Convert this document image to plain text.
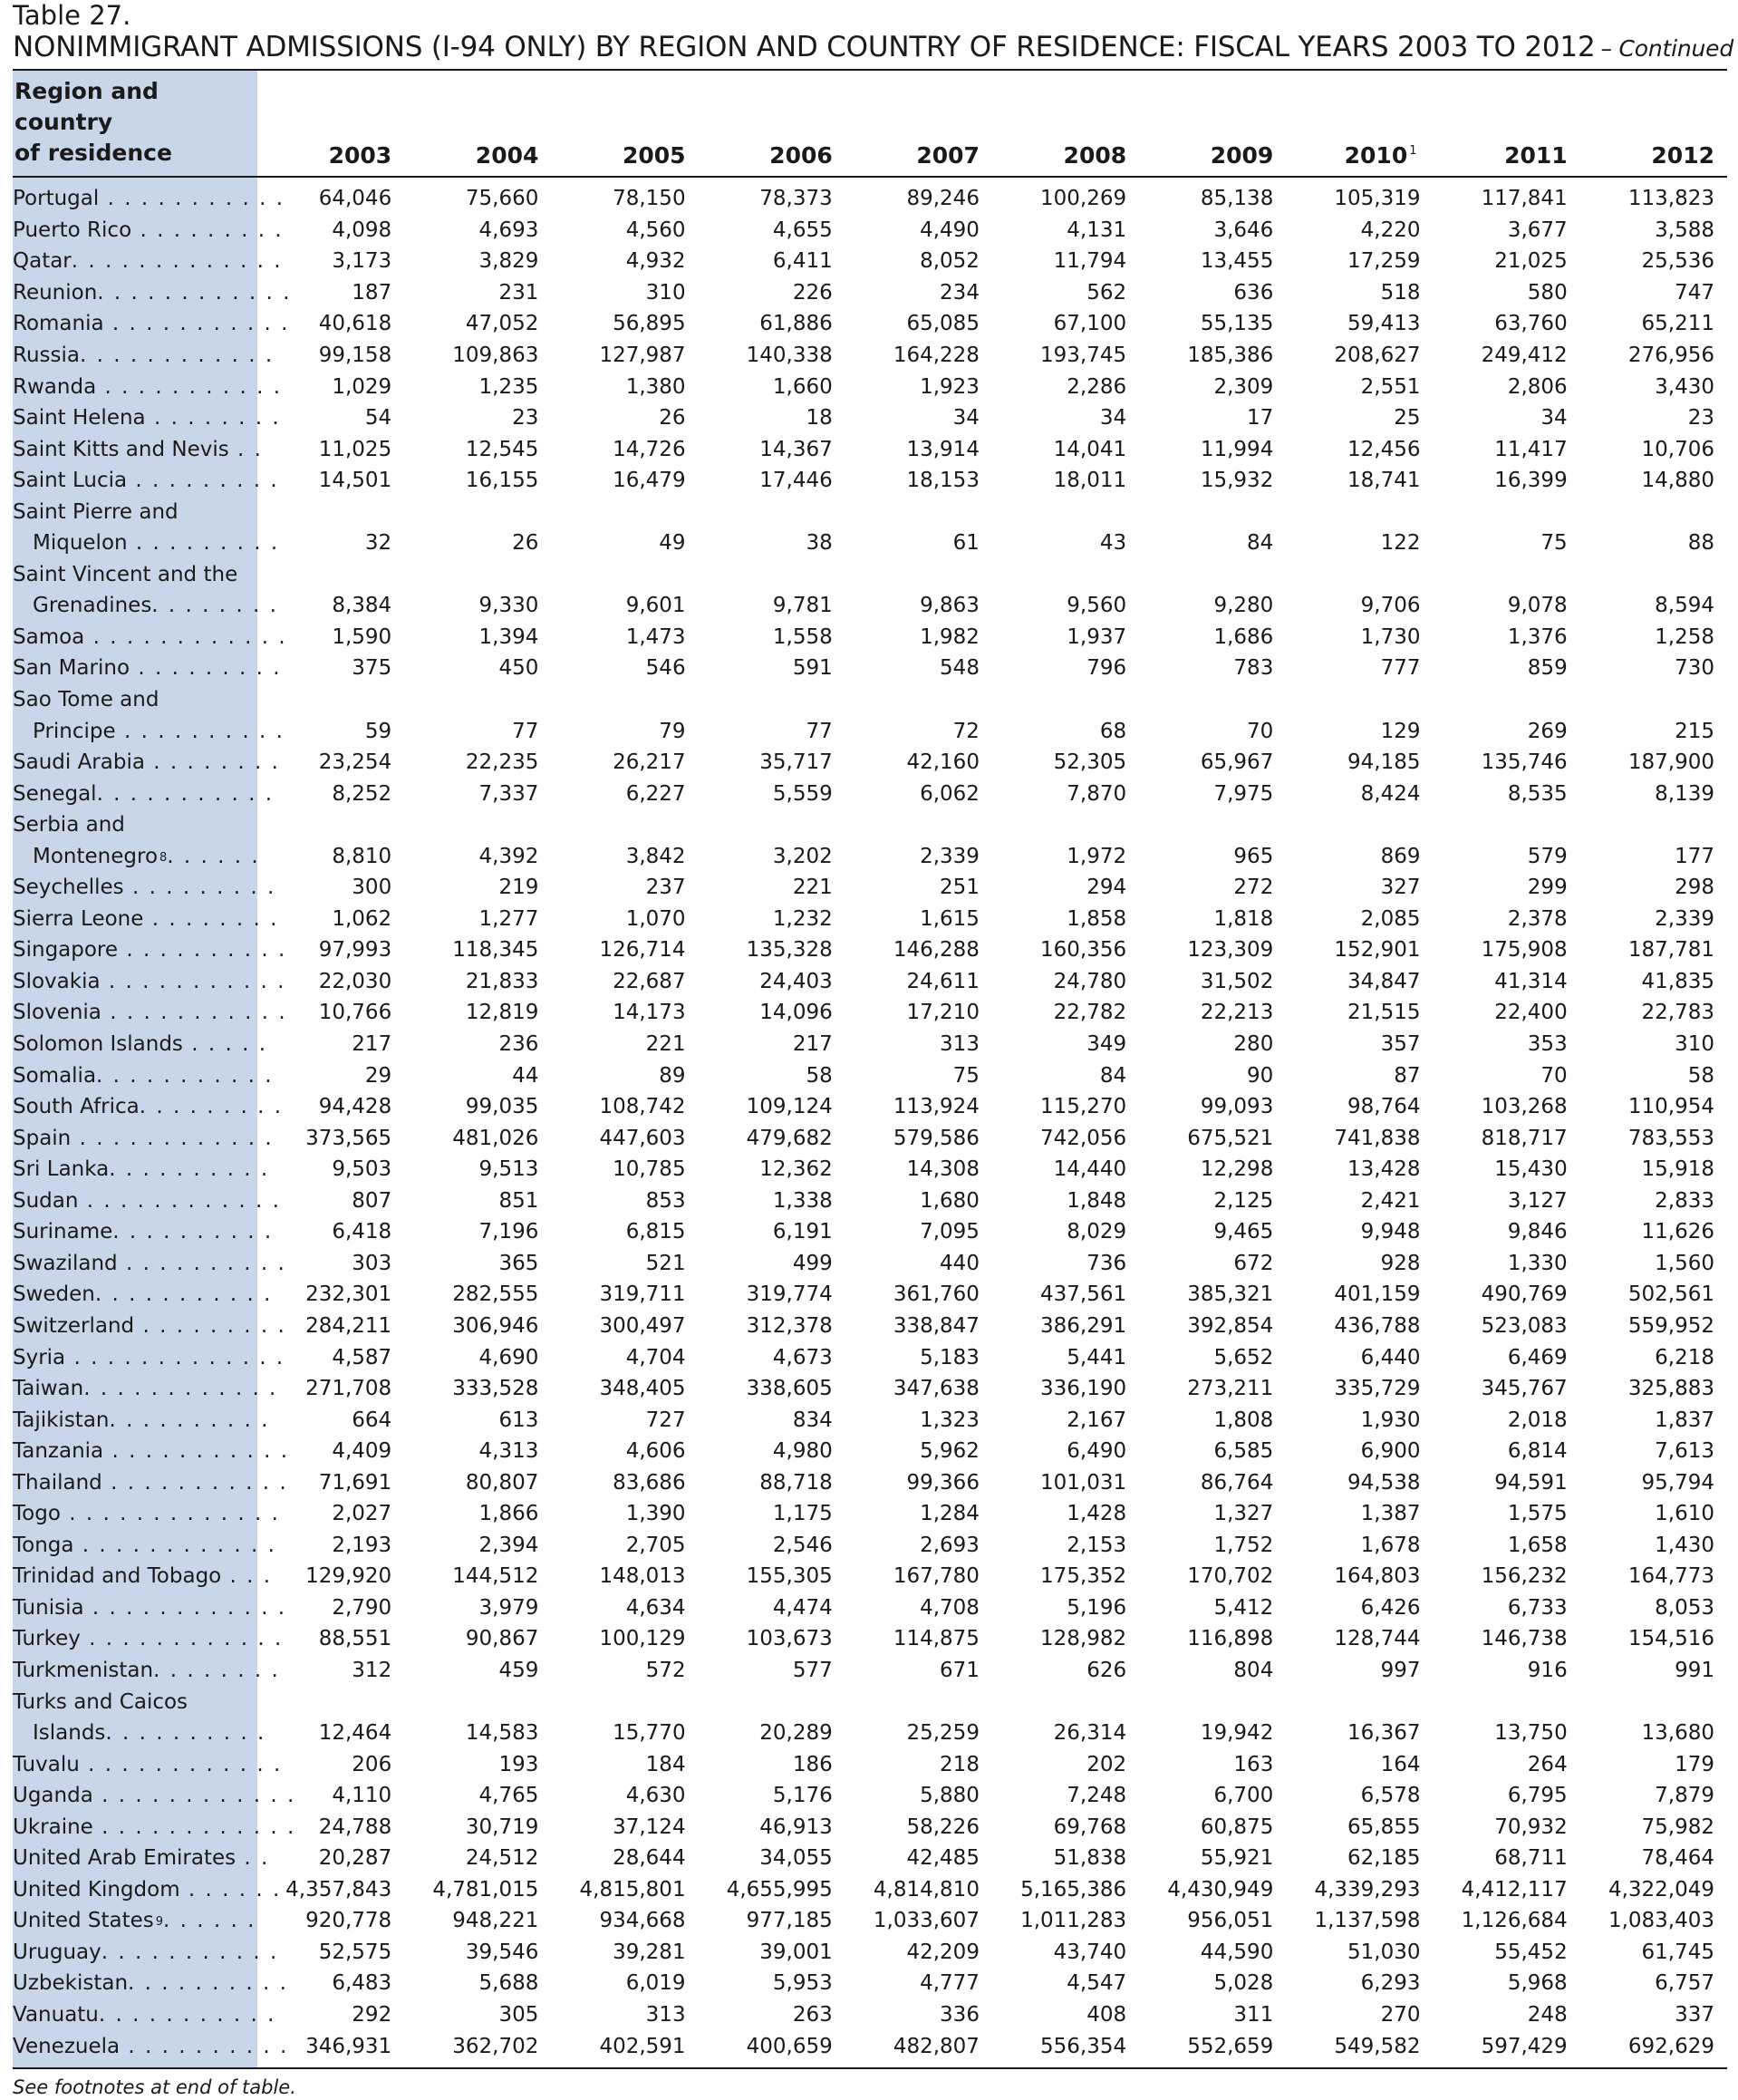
Table 27.
NONIMMIGRANT ADMISSIONS (I-94 ONLY) BY REGION AND COUNTRY OF RESIDENCE: FISCAL YEARS 2003 TO 2012 – Continued
Region and country
of residence	2003	2004	2005	2006	2007	2008	2009	2010 $^1$	2011	2012
Portugal . . . . . . . . . . .	64,046	75,660	78,150	78,373	89,246	100,269	85,138	105,319	117,841	113,823
Puerto Rico . . . . . . . . .	4,098	4,693	4,560	4,655	4,490	4,131	3,646	4,220	3,677	3,588
Qatar. . . . . . . . . . . . .	3,173	3,829	4,932	6,411	8,052	11,794	13,455	17,259	21,025	25,536
Reunion. . . . . . . . . . . .	187	231	310	226	234	562	636	518	580	747
Romania . . . . . . . . . . .	40,618	47,052	56,895	61,886	65,085	67,100	55,135	59,413	63,760	65,211
Russia. . . . . . . . . . . .	99,158	109,863	127,987	140,338	164,228	193,745	185,386	208,627	249,412	276,956
Rwanda . . . . . . . . . . .	1,029	1,235	1,380	1,660	1,923	2,286	2,309	2,551	2,806	3,430
Saint Helena . . . . . . . .	54	23	26	18	34	34	17	25	34	23
Saint Kitts and Nevis . .	11,025	12,545	14,726	14,367	13,914	14,041	11,994	12,456	11,417	10,706
Saint Lucia . . . . . . . . .	14,501	16,155	16,479	17,446	18,153	18,011	15,932	18,741	16,399	14,880
Saint Pierre and										
Miquelon . . . . . . . . .	32	26	49	38	61	43	84	122	75	88
Saint Vincent and the										
Grenadines. . . . . . . .	8,384	9,330	9,601	9,781	9,863	9,560	9,280	9,706	9,078	8,594
Samoa . . . . . . . . . . . .	1,590	1,394	1,473	1,558	1,982	1,937	1,686	1,730	1,376	1,258
San Marino . . . . . . . . .	375	450	546	591	548	796	783	777	859	730
Sao Tome and										
Principe . . . . . . . . . .	59	77	79	77	72	68	70	129	269	215
Saudi Arabia . . . . . . . .	23,254	22,235	26,217	35,717	42,160	52,305	65,967	94,185	135,746	187,900
Senegal. . . . . . . . . . .	8,252	7,337	6,227	5,559	6,062	7,870	7,975	8,424	8,535	8,139
Serbia and										
Montenegro $^8$. . . . . .	8,810	4,392	3,842	3,202	2,339	1,972	965	869	579	177
Seychelles . . . . . . . . .	300	219	237	221	251	294	272	327	299	298
Sierra Leone . . . . . . . .	1,062	1,277	1,070	1,232	1,615	1,858	1,818	2,085	2,378	2,339
Singapore . . . . . . . . . .	97,993	118,345	126,714	135,328	146,288	160,356	123,309	152,901	175,908	187,781
Slovakia . . . . . . . . . . .	22,030	21,833	22,687	24,403	24,611	24,780	31,502	34,847	41,314	41,835
Slovenia . . . . . . . . . . .	10,766	12,819	14,173	14,096	17,210	22,782	22,213	21,515	22,400	22,783
Solomon Islands . . . . .	217	236	221	217	313	349	280	357	353	310
Somalia. . . . . . . . . . .	29	44	89	58	75	84	90	87	70	58
South Africa. . . . . . . . .	94,428	99,035	108,742	109,124	113,924	115,270	99,093	98,764	103,268	110,954
Spain . . . . . . . . . . . .	373,565	481,026	447,603	479,682	579,586	742,056	675,521	741,838	818,717	783,553
Sri Lanka. . . . . . . . . .	9,503	9,513	10,785	12,362	14,308	14,440	12,298	13,428	15,430	15,918
Sudan . . . . . . . . . . . .	807	851	853	1,338	1,680	1,848	2,125	2,421	3,127	2,833
Suriname. . . . . . . . . .	6,418	7,196	6,815	6,191	7,095	8,029	9,465	9,948	9,846	11,626
Swaziland . . . . . . . . . .	303	365	521	499	440	736	672	928	1,330	1,560
Sweden. . . . . . . . . . .	232,301	282,555	319,711	319,774	361,760	437,561	385,321	401,159	490,769	502,561
Switzerland . . . . . . . . .	284,211	306,946	300,497	312,378	338,847	386,291	392,854	436,788	523,083	559,952
Syria . . . . . . . . . . . . .	4,587	4,690	4,704	4,673	5,183	5,441	5,652	6,440	6,469	6,218
Taiwan. . . . . . . . . . . .	271,708	333,528	348,405	338,605	347,638	336,190	273,211	335,729	345,767	325,883
Tajikistan. . . . . . . . . .	664	613	727	834	1,323	2,167	1,808	1,930	2,018	1,837
Tanzania . . . . . . . . . . .	4,409	4,313	4,606	4,980	5,962	6,490	6,585	6,900	6,814	7,613
Thailand . . . . . . . . . . .	71,691	80,807	83,686	88,718	99,366	101,031	86,764	94,538	94,591	95,794
Togo . . . . . . . . . . . . .	2,027	1,866	1,390	1,175	1,284	1,428	1,327	1,387	1,575	1,610
Tonga . . . . . . . . . . . .	2,193	2,394	2,705	2,546	2,693	2,153	1,752	1,678	1,658	1,430
Trinidad and Tobago . . .	129,920	144,512	148,013	155,305	167,780	175,352	170,702	164,803	156,232	164,773
Tunisia . . . . . . . . . . . .	2,790	3,979	4,634	4,474	4,708	5,196	5,412	6,426	6,733	8,053
Turkey . . . . . . . . . . . .	88,551	90,867	100,129	103,673	114,875	128,982	116,898	128,744	146,738	154,516
Turkmenistan. . . . . . . .	312	459	572	577	671	626	804	997	916	991
Turks and Caicos										
Islands. . . . . . . . . .	12,464	14,583	15,770	20,289	25,259	26,314	19,942	16,367	13,750	13,680
Tuvalu . . . . . . . . . . . .	206	193	184	186	218	202	163	164	264	179
Uganda . . . . . . . . . . . .	4,110	4,765	4,630	5,176	5,880	7,248	6,700	6,578	6,795	7,879
Ukraine . . . . . . . . . . . .	24,788	30,719	37,124	46,913	58,226	69,768	60,875	65,855	70,932	75,982
United Arab Emirates . .	20,287	24,512	28,644	34,055	42,485	51,838	55,921	62,185	68,711	78,464
United Kingdom . . . . . .	4,357,843	4,781,015	4,815,801	4,655,995	4,814,810	5,165,386	4,430,949	4,339,293	4,412,117	4,322,049
United States $^9$. . . . . .	920,778	948,221	934,668	977,185	1,033,607	1,011,283	956,051	1,137,598	1,126,684	1,083,403
Uruguay. . . . . . . . . . .	52,575	39,546	39,281	39,001	42,209	43,740	44,590	51,030	55,452	61,745
Uzbekistan. . . . . . . . . .	6,483	5,688	6,019	5,953	4,777	4,547	5,028	6,293	5,968	6,757
Vanuatu. . . . . . . . . . .	292	305	313	263	336	408	311	270	248	337
Venezuela . . . . . . . . . .	346,931	362,702	402,591	400,659	482,807	556,354	552,659	549,582	597,429	692,629
See footnotes at end of table.
